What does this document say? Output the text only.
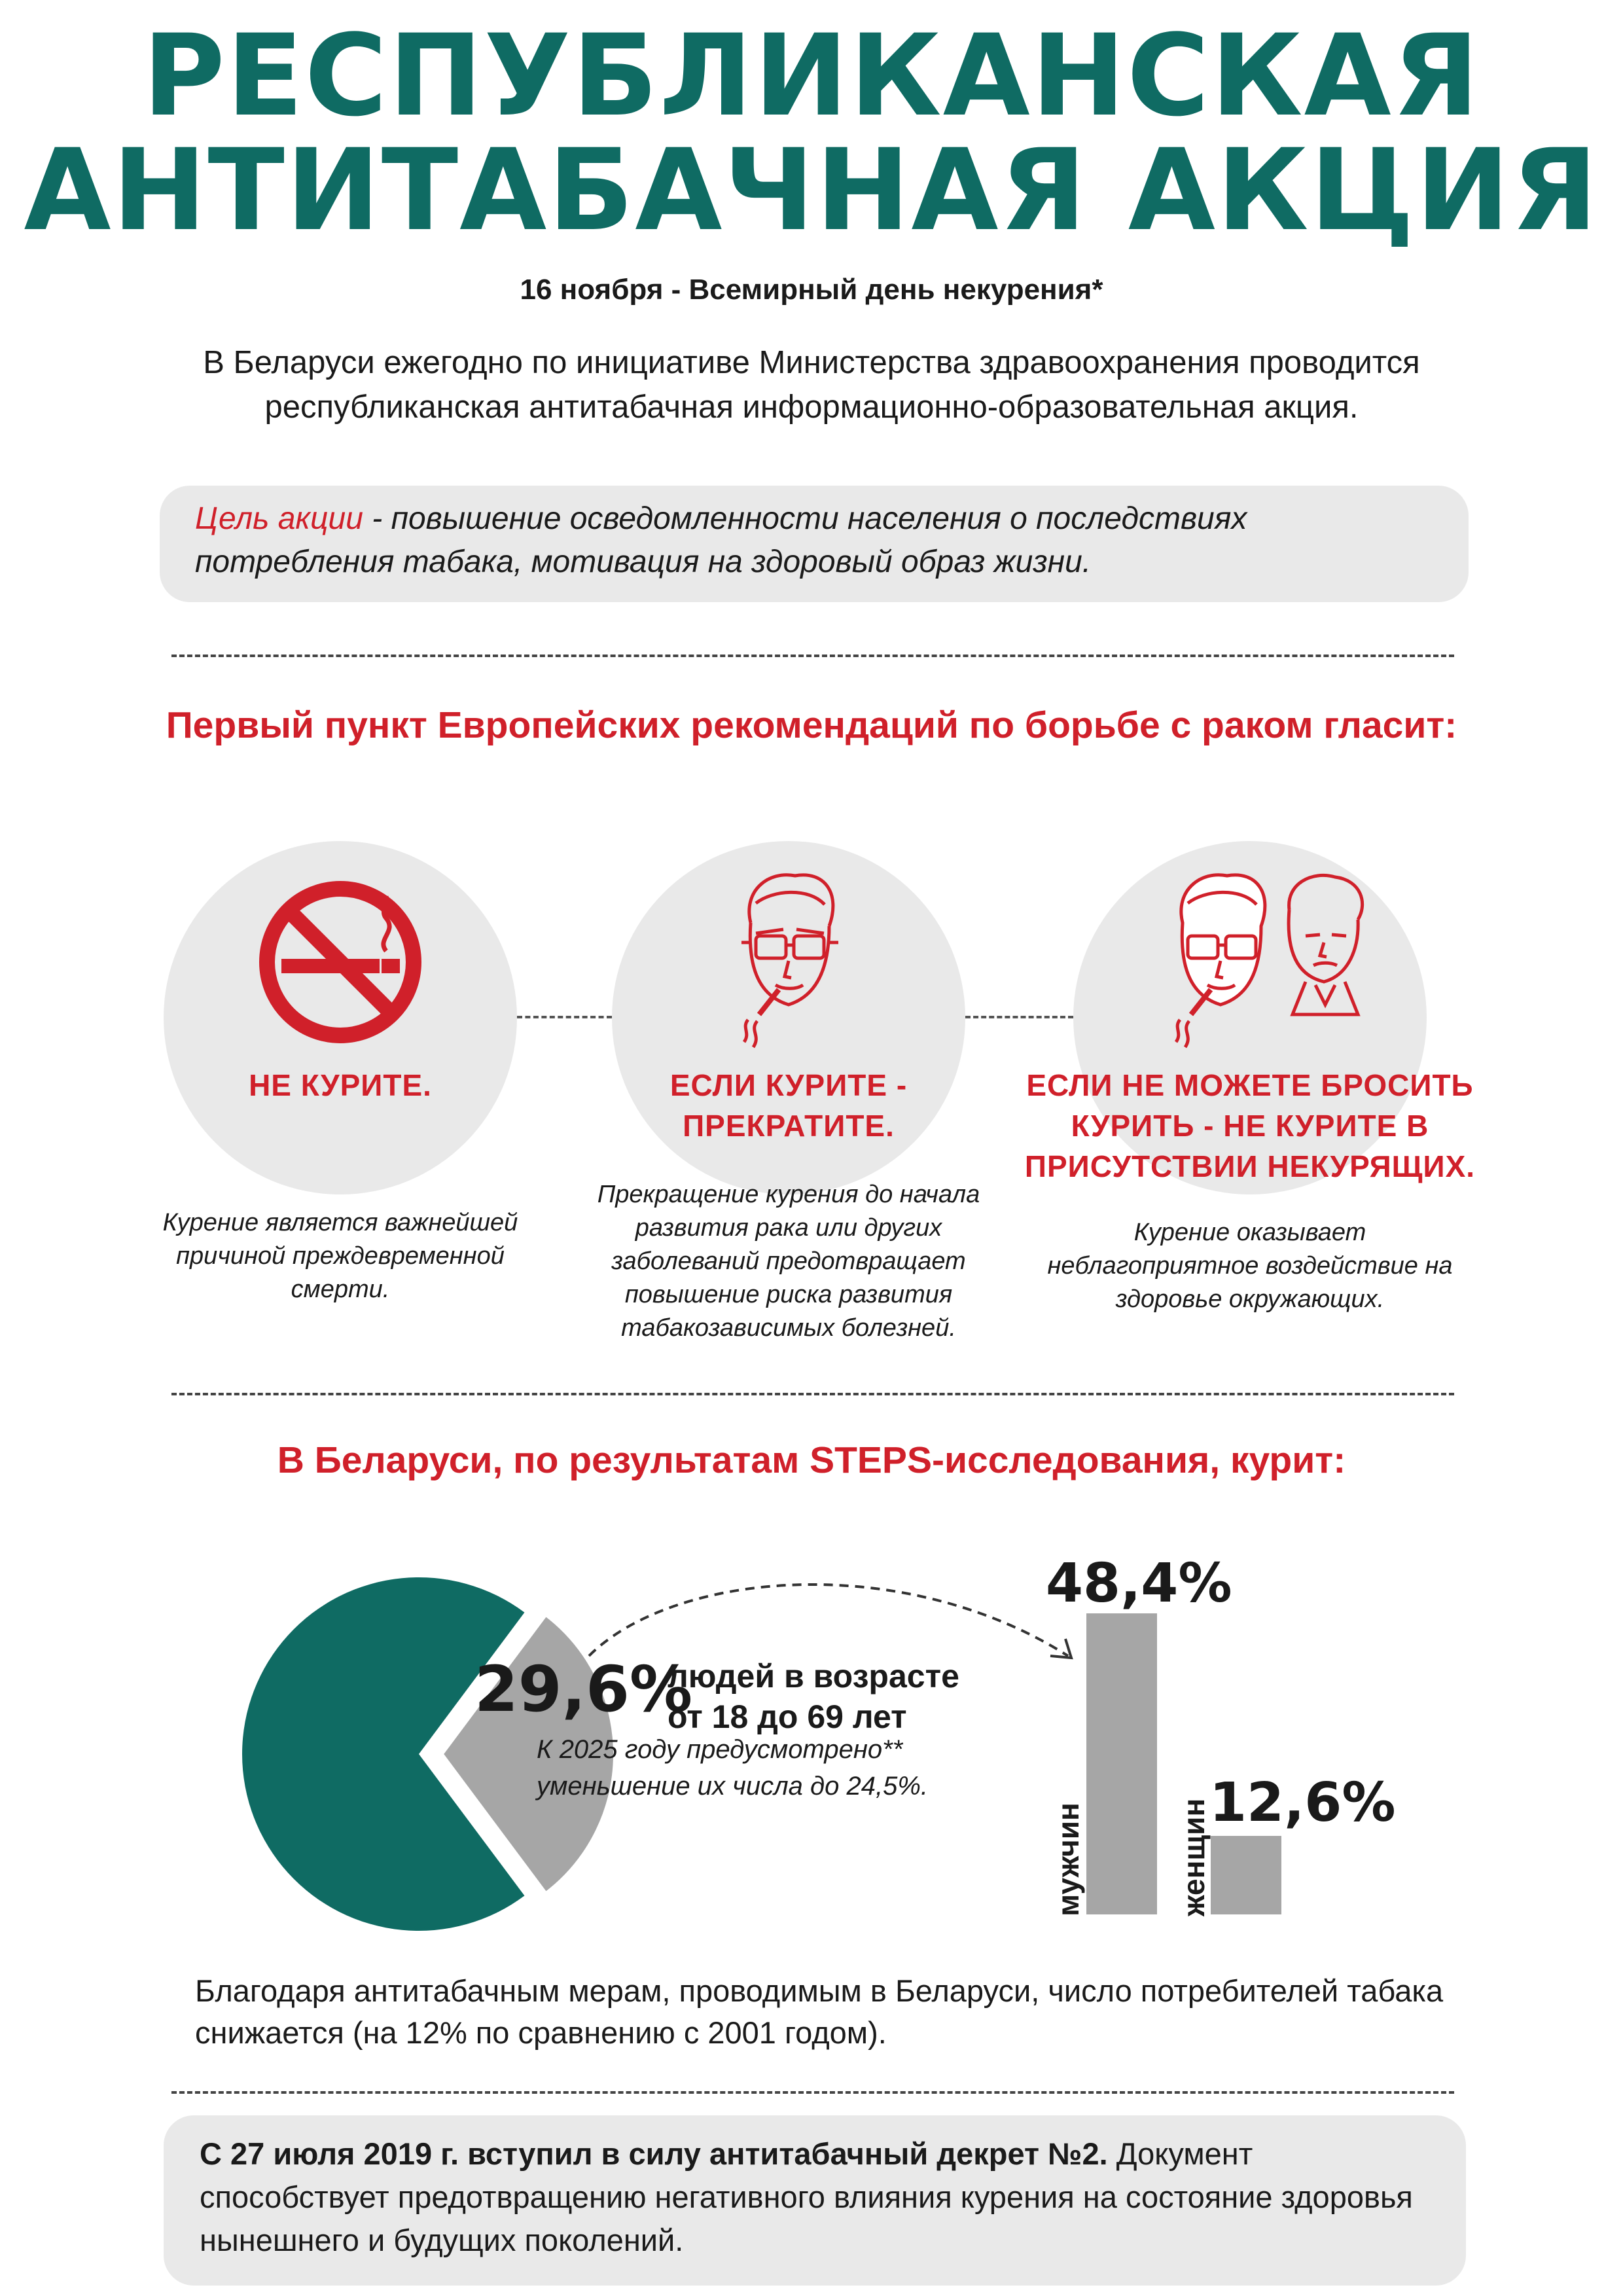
РЕСПУБЛИКАНСКАЯ
АНТИТАБАЧНАЯ АКЦИЯ
16 ноября - Всемирный день некурения*
В Беларуси ежегодно по инициативе Министерства здравоохранения проводится республиканская антитабачная информационно-образовательная акция.
Цель акции - повышение осведомленности населения о последствиях потребления табака, мотивация на здоровый образ жизни.
Первый пункт Европейских рекомендаций по борьбе с раком гласит:
НЕ КУРИТЕ.	ЕСЛИ КУРИТЕ - ПРЕКРАТИТЕ.
ЕСЛИ НЕ МОЖЕТЕ БРОСИТЬ КУРИТЬ - НЕ КУРИТЕ В ПРИСУТСТВИИ НЕКУРЯЩИХ.
Курение является важнейшей причиной преждевременной смерти.
Прекращение курения до начала развития рака или других заболеваний предотвращает повышение риска развития табакозависимых болезней.
Курение оказывает неблагоприятное воздействие на здоровье окружающих.
В Беларуси, по результатам STEPS-исследования, курит:
29,6%
людей в возрасте от 18 до 69 лет
К 2025 году предусмотрено** уменьшение их числа до 24,5%.
48,4%
12,6%
мужчин	женщин
Благодаря антитабачным мерам, проводимым в Беларуси, число потребителей табака снижается (на 12% по сравнению с 2001 годом).
С 27 июля 2019 г. вступил в силу антитабачный декрет №2. Документ способствует предотвращению негативного влияния курения на состояние здоровья нынешнего и будущих поколений.
